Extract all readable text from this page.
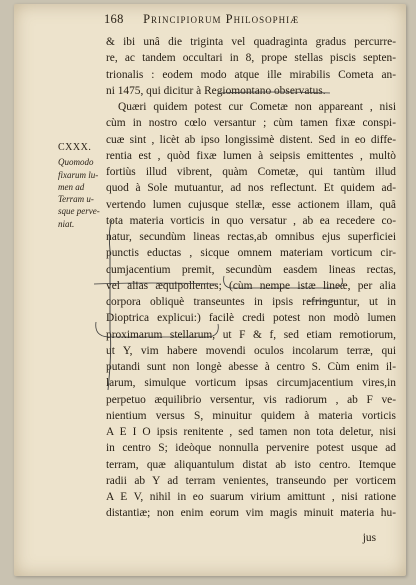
168 Principiorum Philosophiæ
CXXX.
Quomodo
fixarum lu-
men ad
Terram u-
sque perve-
niat.
& ibi unâ die triginta vel quadraginta gradus percurre-
re, ac tandem occultari in 8, prope stellas piscis septen-
trionalis : eodem modo atque ille mirabilis Cometa an-
ni 1475, qui dicitur à Regiomontano observatus.
Quæri quidem potest cur Cometæ non appareant , nisi
cùm in nostro cœlo versantur ; cùm tamen fixæ conspi-
cuæ sint , licèt ab ipso longissimè distent. Sed in eo diffe-
rentia est , quòd fixæ lumen à seipsis emittentes , multò
fortiùs illud vibrent, quàm Cometæ, qui tantùm illud
quod à Sole mutuantur, ad nos reflectunt. Et quidem ad-
vertendo lumen cujusque stellæ, esse actionem illam, quâ
tota materia vorticis in quo versatur , ab ea recedere co-
natur, secundùm lineas rectas,ab omnibus ejus superficiei
punctis eductas , sicque omnem materiam vorticum cir-
cumjacentium premit, secundùm easdem lineas rectas,
vel alias æquipollentes; (cùm nempe istæ lineæ, per alia
corpora obliquè transeuntes in ipsis refringuntur, ut in
Dioptrica explicui:) facilè credi potest non modò lumen
proximarum stellarum, ut F & f, sed etiam remotiorum,
ut Y, vim habere movendi oculos incolarum terræ, qui
putandi sunt non longè abesse à centro S. Cùm enim il-
larum, simulque vorticum ipsas circumjacentium vires,in
perpetuo æquilibrio versentur, vis radiorum , ab F ve-
nientium versus S, minuitur quidem à materia vorticis
A E I O ipsis renitente , sed tamen non tota deletur, nisi
in centro S; ideòque nonnulla pervenire potest usque ad
terram, quæ aliquantulum distat ab isto centro. Itemque
radii ab Y ad terram venientes, transeundo per vorticem
A E V, nihil in eo suarum virium amittunt , nisi ratione
distantiæ; non enim eorum vim magis minuit materia hu-
jus
